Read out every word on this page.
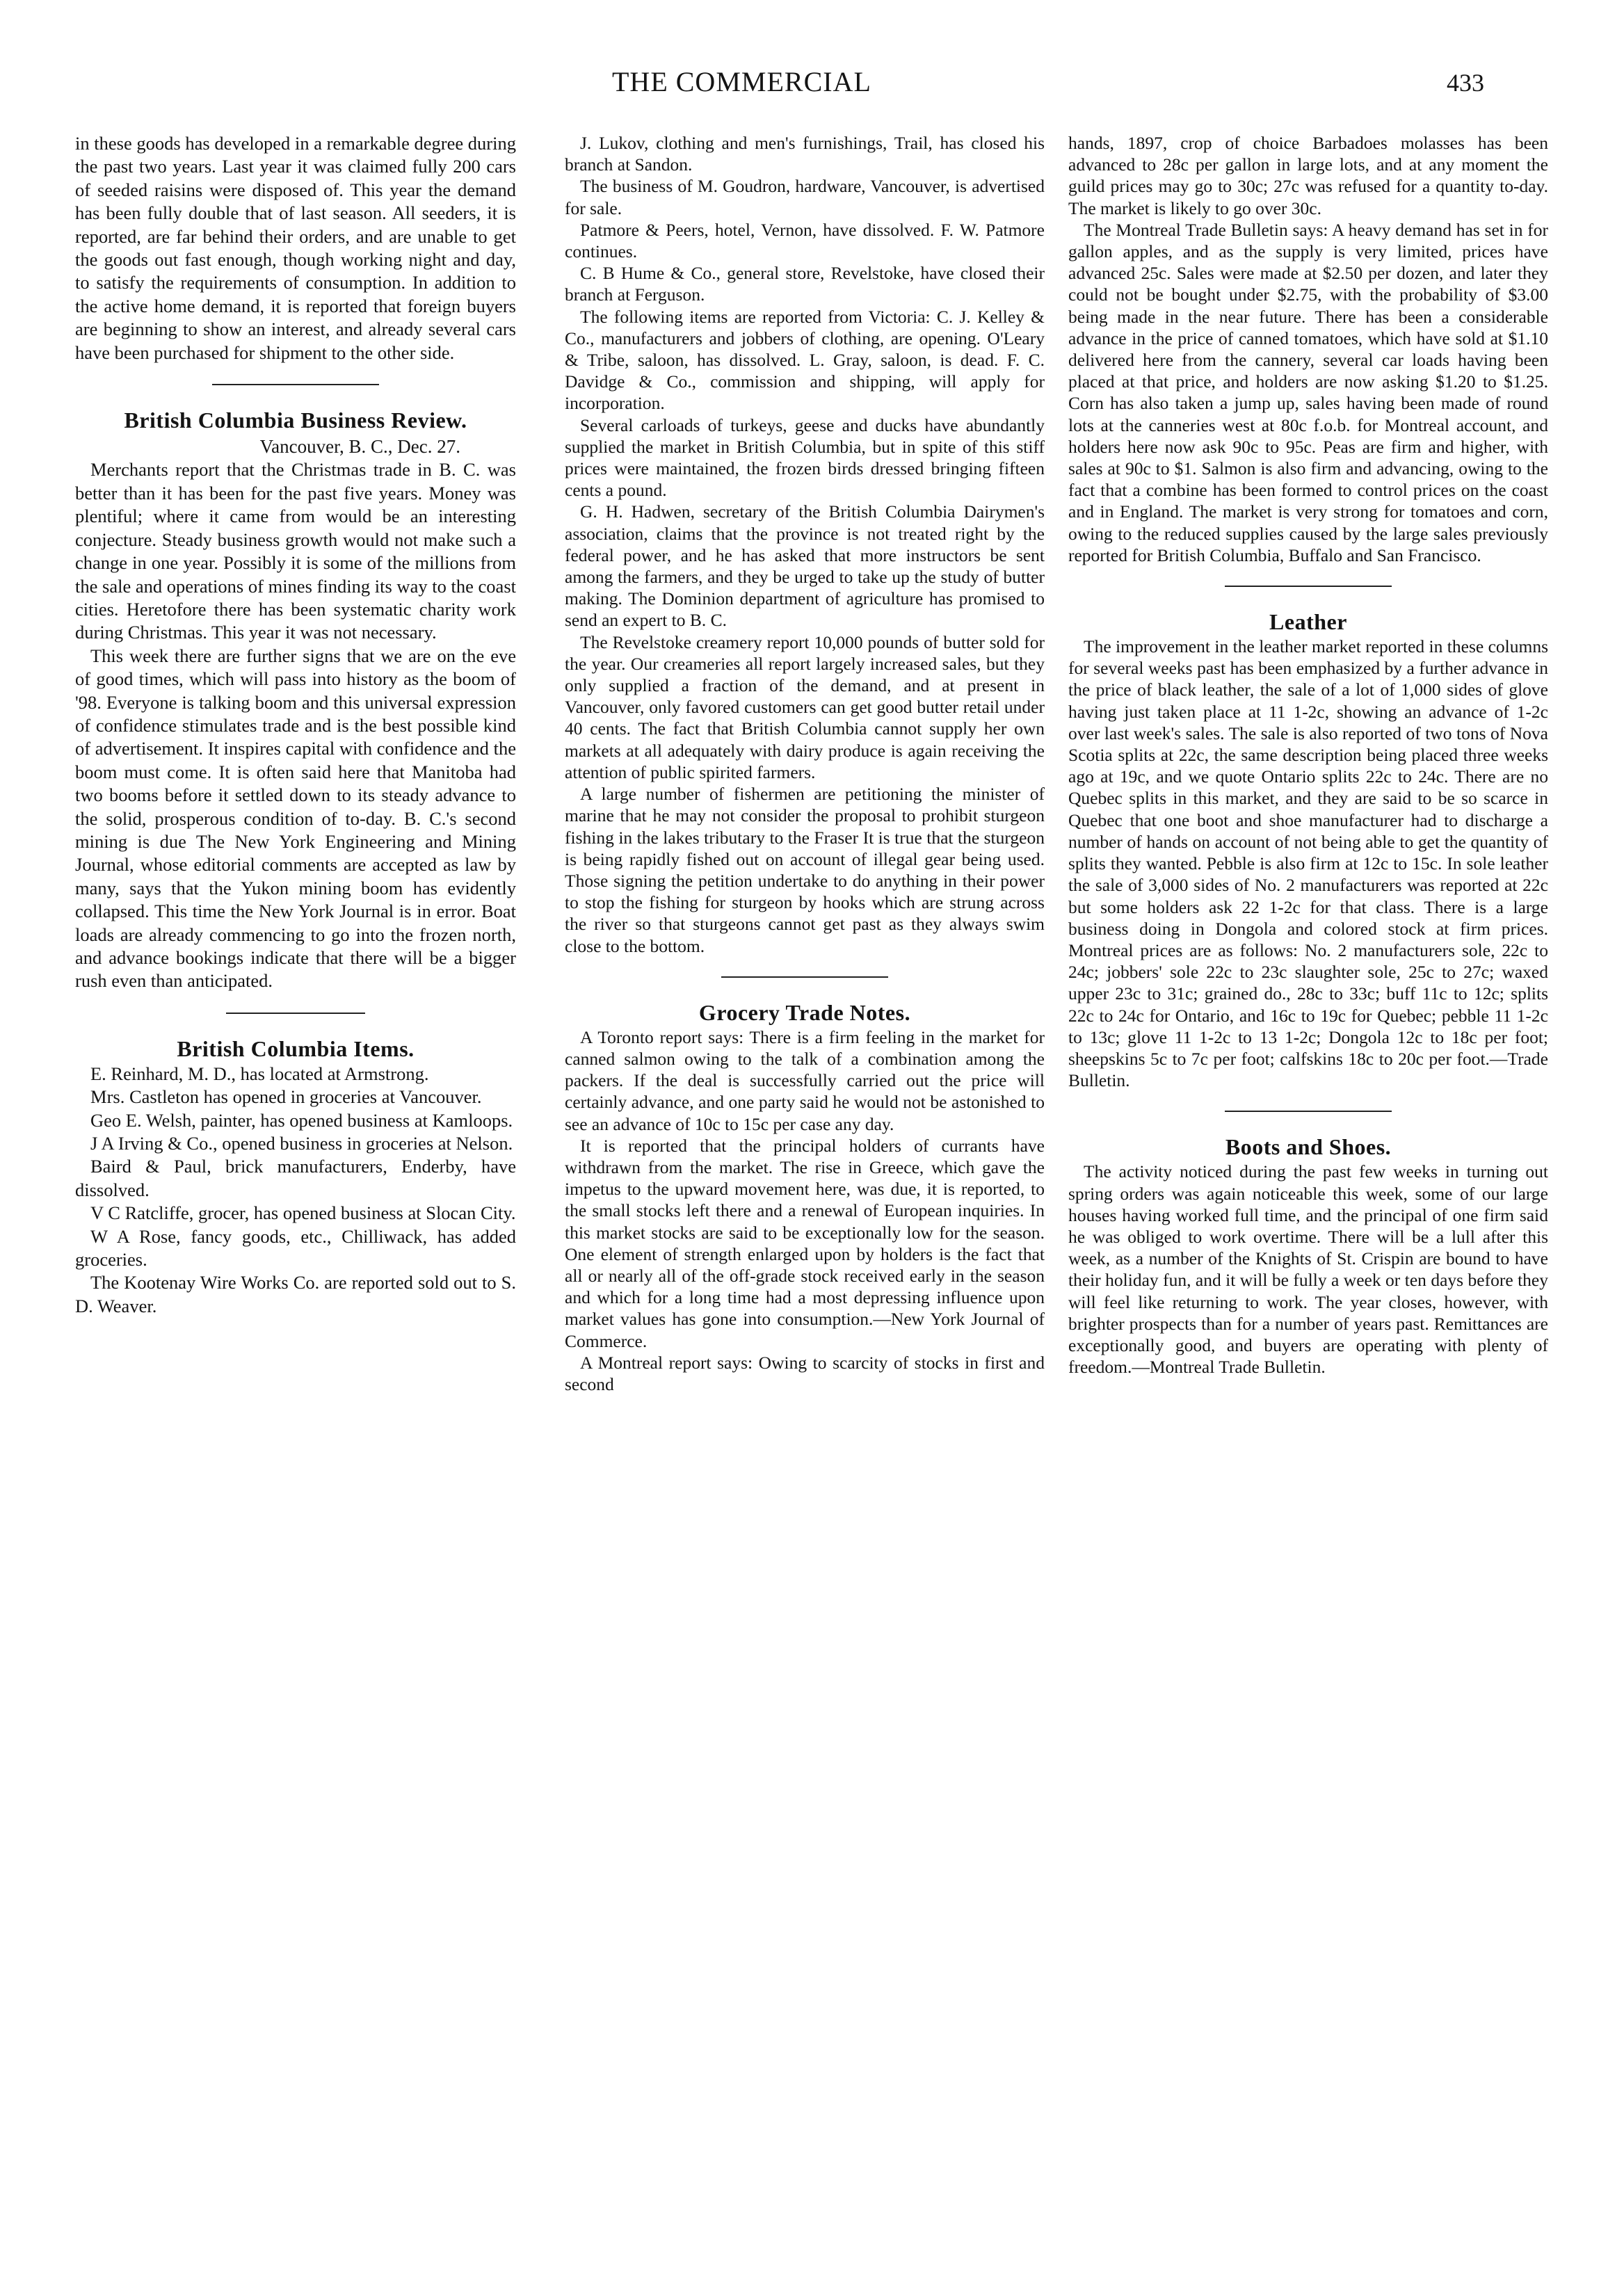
THE COMMERCIAL	433

in these goods has developed in a remarkable degree during the past two years. Last year it was claimed fully 200 cars of seeded raisins were disposed of. This year the demand has been fully double that of last season. All seeders, it is reported, are far behind their orders, and are unable to get the goods out fast enough, though working night and day, to satisfy the requirements of consumption. In addition to the active home demand, it is reported that foreign buyers are beginning to show an interest, and already several cars have been purchased for shipment to the other side.

British Columbia Business Review.
Vancouver, B. C., Dec. 27.

Merchants report that the Christmas trade in B. C. was better than it has been for the past five years. Money was plentiful; where it came from would be an interesting conjecture. Steady business growth would not make such a change in one year. Possibly it is some of the millions from the sale and operations of mines finding its way to the coast cities. Heretofore there has been systematic charity work during Christmas. This year it was not necessary.

This week there are further signs that we are on the eve of good times, which will pass into history as the boom of '98. Everyone is talking boom and this universal expression of confidence stimulates trade and is the best possible kind of advertisement. It inspires capital with confidence and the boom must come. It is often said here that Manitoba had two booms before it settled down to its steady advance to the solid, prosperous condition of to-day. B. C.'s second mining is due The New York Engineering and Mining Journal, whose editorial comments are accepted as law by many, says that the Yukon mining boom has evidently collapsed. This time the New York Journal is in error. Boat loads are already commencing to go into the frozen north, and advance bookings indicate that there will be a bigger rush even than anticipated.

British Columbia Items.

E. Reinhard, M. D., has located at Armstrong.

Mrs. Castleton has opened in groceries at Vancouver.

Geo E. Welsh, painter, has opened business at Kamloops.

J A Irving & Co., opened business in groceries at Nelson.

Baird & Paul, brick manufacturers, Enderby, have dissolved.

V C Ratcliffe, grocer, has opened business at Slocan City.

W A Rose, fancy goods, etc., Chilliwack, has added groceries.

The Kootenay Wire Works Co. are reported sold out to S. D. Weaver.

J. Lukov, clothing and men's furnishings, Trail, has closed his branch at Sandon.

The business of M. Goudron, hardware, Vancouver, is advertised for sale.

Patmore & Peers, hotel, Vernon, have dissolved. F. W. Patmore continues.

C. B Hume & Co., general store, Revelstoke, have closed their branch at Ferguson.

The following items are reported from Victoria: C. J. Kelley & Co., manufacturers and jobbers of clothing, are opening. O'Leary & Tribe, saloon, has dissolved. L. Gray, saloon, is dead. F. C. Davidge & Co., commission and shipping, will apply for incorporation.

Several carloads of turkeys, geese and ducks have abundantly supplied the market in British Columbia, but in spite of this stiff prices were maintained, the frozen birds dressed bringing fifteen cents a pound.

G. H. Hadwen, secretary of the British Columbia Dairymen's association, claims that the province is not treated right by the federal power, and he has asked that more instructors be sent among the farmers, and they be urged to take up the study of butter making. The Dominion department of agriculture has promised to send an expert to B. C.

The Revelstoke creamery report 10,000 pounds of butter sold for the year. Our creameries all report largely increased sales, but they only supplied a fraction of the demand, and at present in Vancouver, only favored customers can get good butter retail under 40 cents. The fact that British Columbia cannot supply her own markets at all adequately with dairy produce is again receiving the attention of public spirited farmers.

A large number of fishermen are petitioning the minister of marine that he may not consider the proposal to prohibit sturgeon fishing in the lakes tributary to the Fraser It is true that the sturgeon is being rapidly fished out on account of illegal gear being used. Those signing the petition undertake to do anything in their power to stop the fishing for sturgeon by hooks which are strung across the river so that sturgeons cannot get past as they always swim close to the bottom.

Grocery Trade Notes.

A Toronto report says: There is a firm feeling in the market for canned salmon owing to the talk of a combination among the packers. If the deal is successfully carried out the price will certainly advance, and one party said he would not be astonished to see an advance of 10c to 15c per case any day.

It is reported that the principal holders of currants have withdrawn from the market. The rise in Greece, which gave the impetus to the upward movement here, was due, it is reported, to the small stocks left there and a renewal of European inquiries. In this market stocks are said to be exceptionally low for the season. One element of strength enlarged upon by holders is the fact that all or nearly all of the off-grade stock received early in the season and which for a long time had a most depressing influence upon market values has gone into consumption.—New York Journal of Commerce.

A Montreal report says: Owing to scarcity of stocks in first and second

hands, 1897, crop of choice Barbadoes molasses has been advanced to 28c per gallon in large lots, and at any moment the guild prices may go to 30c; 27c was refused for a quantity to-day. The market is likely to go over 30c.

The Montreal Trade Bulletin says: A heavy demand has set in for gallon apples, and as the supply is very limited, prices have advanced 25c. Sales were made at $2.50 per dozen, and later they could not be bought under $2.75, with the probability of $3.00 being made in the near future. There has been a considerable advance in the price of canned tomatoes, which have sold at $1.10 delivered here from the cannery, several car loads having been placed at that price, and holders are now asking $1.20 to $1.25. Corn has also taken a jump up, sales having been made of round lots at the canneries west at 80c f.o.b. for Montreal account, and holders here now ask 90c to 95c. Peas are firm and higher, with sales at 90c to $1. Salmon is also firm and advancing, owing to the fact that a combine has been formed to control prices on the coast and in England. The market is very strong for tomatoes and corn, owing to the reduced supplies caused by the large sales previously reported for British Columbia, Buffalo and San Francisco.

Leather

The improvement in the leather market reported in these columns for several weeks past has been emphasized by a further advance in the price of black leather, the sale of a lot of 1,000 sides of glove having just taken place at 11 1-2c, showing an advance of 1-2c over last week's sales. The sale is also reported of two tons of Nova Scotia splits at 22c, the same description being placed three weeks ago at 19c, and we quote Ontario splits 22c to 24c. There are no Quebec splits in this market, and they are said to be so scarce in Quebec that one boot and shoe manufacturer had to discharge a number of hands on account of not being able to get the quantity of splits they wanted. Pebble is also firm at 12c to 15c. In sole leather the sale of 3,000 sides of No. 2 manufacturers was reported at 22c but some holders ask 22 1-2c for that class. There is a large business doing in Dongola and colored stock at firm prices. Montreal prices are as follows: No. 2 manufacturers sole, 22c to 24c; jobbers' sole 22c to 23c slaughter sole, 25c to 27c; waxed upper 23c to 31c; grained do., 28c to 33c; buff 11c to 12c; splits 22c to 24c for Ontario, and 16c to 19c for Quebec; pebble 11 1-2c to 13c; glove 11 1-2c to 13 1-2c; Dongola 12c to 18c per foot; sheepskins 5c to 7c per foot; calfskins 18c to 20c per foot.—Trade Bulletin.

Boots and Shoes.

The activity noticed during the past few weeks in turning out spring orders was again noticeable this week, some of our large houses having worked full time, and the principal of one firm said he was obliged to work overtime. There will be a lull after this week, as a number of the Knights of St. Crispin are bound to have their holiday fun, and it will be fully a week or ten days before they will feel like returning to work. The year closes, however, with brighter prospects than for a number of years past. Remittances are exceptionally good, and buyers are operating with plenty of freedom.—Montreal Trade Bulletin.
